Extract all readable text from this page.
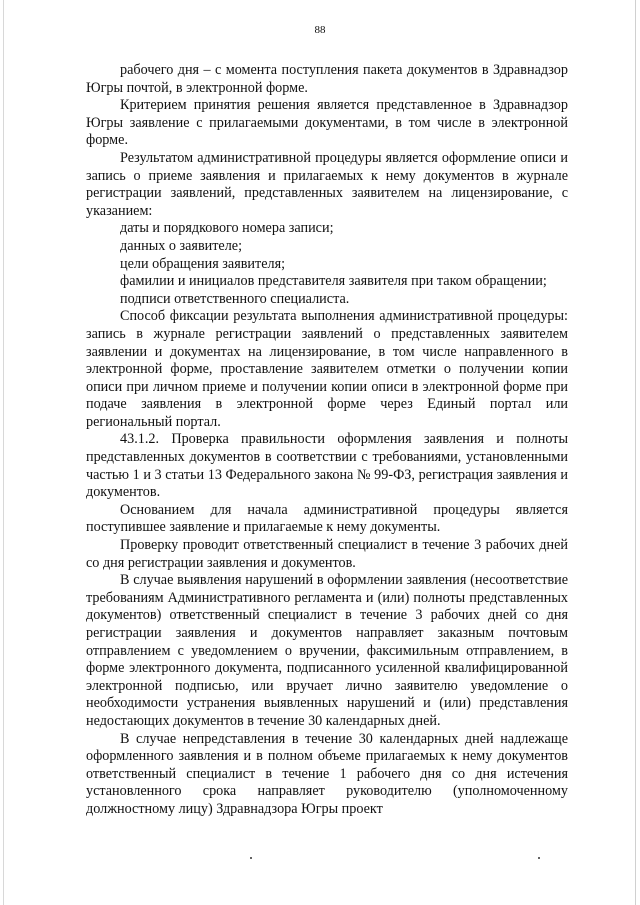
88

рабочего дня – с момента поступления пакета документов в Здравнадзор Югры почтой, в электронной форме.

Критерием принятия решения является представленное в Здравнадзор Югры заявление с прилагаемыми документами, в том числе в электронной форме.

Результатом административной процедуры является оформление описи и запись о приеме заявления и прилагаемых к нему документов в журнале регистрации заявлений, представленных заявителем на лицензирование, с указанием:

даты и порядкового номера записи;

данных о заявителе;

цели обращения заявителя;

фамилии и инициалов представителя заявителя при таком обращении;

подписи ответственного специалиста.

Способ фиксации результата выполнения административной процедуры: запись в журнале регистрации заявлений о представленных заявителем заявлении и документах на лицензирование, в том числе направленного в электронной форме, проставление заявителем отметки о получении копии описи при личном приеме и получении копии описи в электронной форме при подаче заявления в электронной форме через Единый портал или региональный портал.

43.1.2. Проверка правильности оформления заявления и полноты представленных документов в соответствии с требованиями, установленными частью 1 и 3 статьи 13 Федерального закона № 99-ФЗ, регистрация заявления и документов.

Основанием для начала административной процедуры является поступившее заявление и прилагаемые к нему документы.

Проверку проводит ответственный специалист в течение 3 рабочих дней со дня регистрации заявления и документов.

В случае выявления нарушений в оформлении заявления (несоответствие требованиям Административного регламента и (или) полноты представленных документов) ответственный специалист в течение 3 рабочих дней со дня регистрации заявления и документов направляет заказным почтовым отправлением с уведомлением о вручении, факсимильным отправлением, в форме электронного документа, подписанного усиленной квалифицированной электронной подписью, или вручает лично заявителю уведомление о необходимости устранения выявленных нарушений и (или) представления недостающих документов в течение 30 календарных дней.

В случае непредставления в течение 30 календарных дней надлежаще оформленного заявления и в полном объеме прилагаемых к нему документов ответственный специалист в течение 1 рабочего дня со дня истечения установленного срока направляет руководителю (уполномоченному должностному лицу) Здравнадзора Югры проект
